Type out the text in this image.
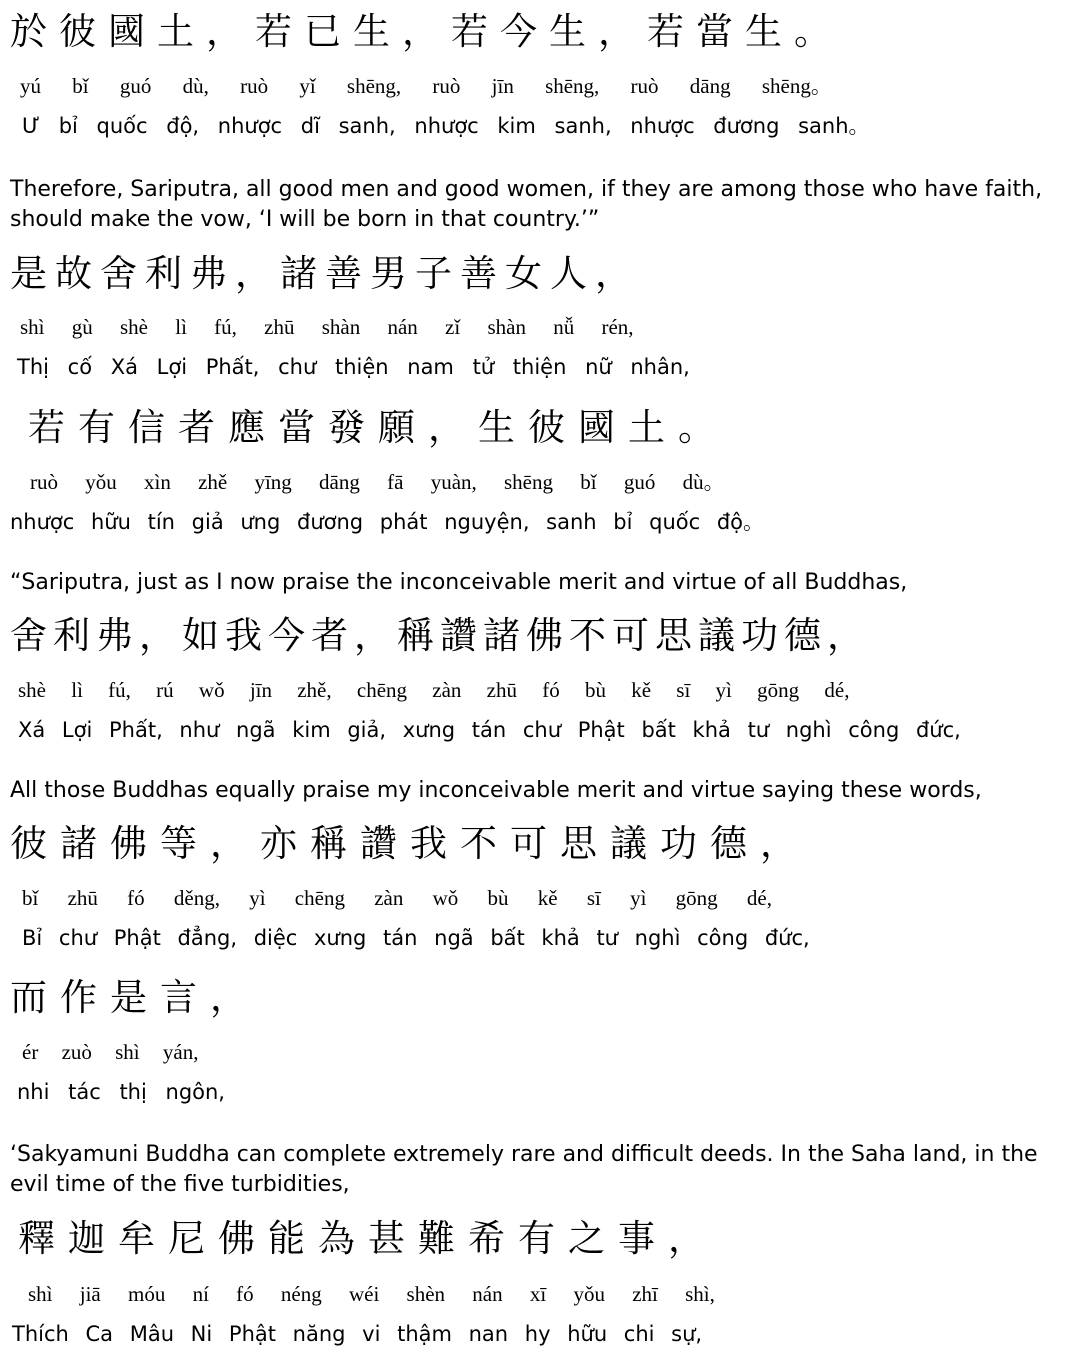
於彼國土，若已生，若今生，若當生。
yú bǐ guó dù, ruò yǐ shēng, ruò jīn shēng, ruò dāng shēng。
Ư bỉ quốc độ, nhược dĩ sanh, nhược kim sanh, nhược đương sanh。
Therefore, Sariputra, all good men and good women, if they are among those who have faith, should make the vow, ‘I will be born in that country.’”
是故舍利弗，諸善男子善女人，
shì gù shè lì fú, zhū shàn nán zǐ shàn nǚ rén,
Thị cố Xá Lợi Phất, chư thiện nam tử thiện nữ nhân,
若有信者應當發願，生彼國土。
ruò yǒu xìn zhě yīng dāng fā yuàn, shēng bǐ guó dù。
nhược hữu tín giả ưng đương phát nguyện, sanh bỉ quốc độ。
“Sariputra, just as I now praise the inconceivable merit and virtue of all Buddhas,
舍利弗，如我今者，稱讚諸佛不可思議功德，
shè lì fú, rú wǒ jīn zhě, chēng zàn zhū fó bù kě sī yì gōng dé,
Xá Lợi Phất, như ngã kim giả, xưng tán chư Phật bất khả tư nghì công đức,
All those Buddhas equally praise my inconceivable merit and virtue saying these words,
彼諸佛等，亦稱讚我不可思議功德，
bǐ zhū fó děng, yì chēng zàn wǒ bù kě sī yì gōng dé,
Bỉ chư Phật đẳng, diệc xưng tán ngã bất khả tư nghì công đức,
而作是言，
ér zuò shì yán,
nhi tác thị ngôn,
‘Sakyamuni Buddha can complete extremely rare and difficult deeds. In the Saha land, in the evil time of the five turbidities,
釋迦牟尼佛能為甚難希有之事，
shì jiā móu ní fó néng wéi shèn nán xī yǒu zhī shì,
Thích Ca Mâu Ni Phật năng vi thậm nan hy hữu chi sự,
